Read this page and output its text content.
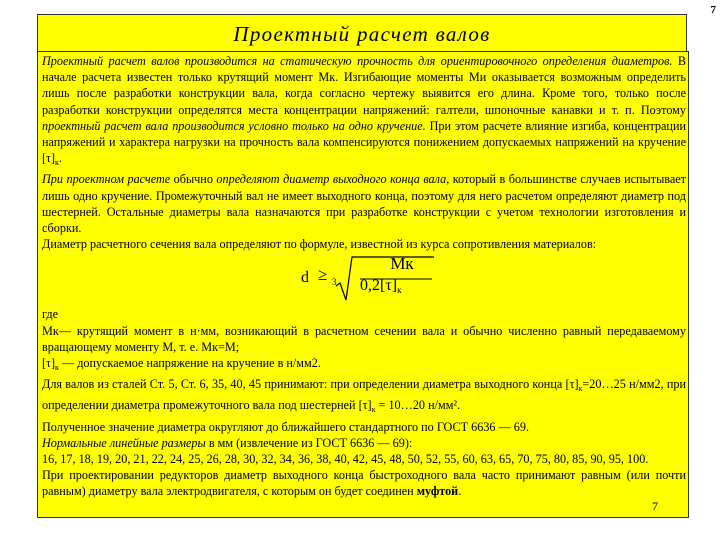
7
Проектный расчет валов

Проектный расчет валов производится на статическую прочность для ориентировочного определения диаметров. В начале расчета известен только крутящий момент Мк. Изгибающие моменты Ми оказывается возможным определить лишь после разработки конструкции вала, когда согласно чертежу выявится его длина. Кроме того, только после разработки конструкции определятся места концентрации напряжений: галтели, шпоночные канавки и т. п. Поэтому проектный расчет вала производится условно только на одно кручение. При этом расчете влияние изгиба, концентрации напряжений и характера нагрузки на прочность вала компенсируются понижением допускаемых напряжений на кручение $[\tau]_к$.

При проектном расчете обычно определяют диаметр выходного конца вала, который в большинстве случаев испытывает лишь одно кручение. Промежуточный вал не имеет выходного конца, поэтому для него расчетом определяют диаметр под шестерней. Остальные диаметры вала назначаются при разработке конструкции с учетом технологии изготовления и сборки.

Диаметр расчетного сечения вала определяют по формуле, известной из курса сопротивления материалов:

d ≥ 3
Мк
0,2[τ]к

где

Мк— крутящий момент в н·мм, возникающий в расчетном сечении вала и обычно численно равный передаваемому вращающему моменту М, т. е. Мк=М;

$[\tau]_к$ — допускаемое напряжение на кручение в н/мм2.

Для валов из сталей Ст. 5, Ст. 6, 35, 40, 45 принимают: при определении диаметра выходного конца $[\tau]_к=20\dots 25$ н/мм2, при определении диаметра промежуточного вала под шестерней $[\tau]_к$ = 10…20 н/мм².

Полученное значение диаметра округляют до ближайшего стандартного по ГОСТ 6636 — 69.

Нормальные линейные размеры в мм (извлечение из ГОСТ 6636 — 69):

16, 17, 18, 19, 20, 21, 22, 24, 25, 26, 28, 30, 32, 34, 36, 38, 40, 42, 45, 48, 50, 52, 55, 60, 63, 65, 70, 75, 80, 85, 90, 95, 100.

При проектировании редукторов диаметр выходного конца быстроходного вала часто принимают равным (или почти равным) диаметру вала электродвигателя, с которым он будет соединен муфтой.

7
